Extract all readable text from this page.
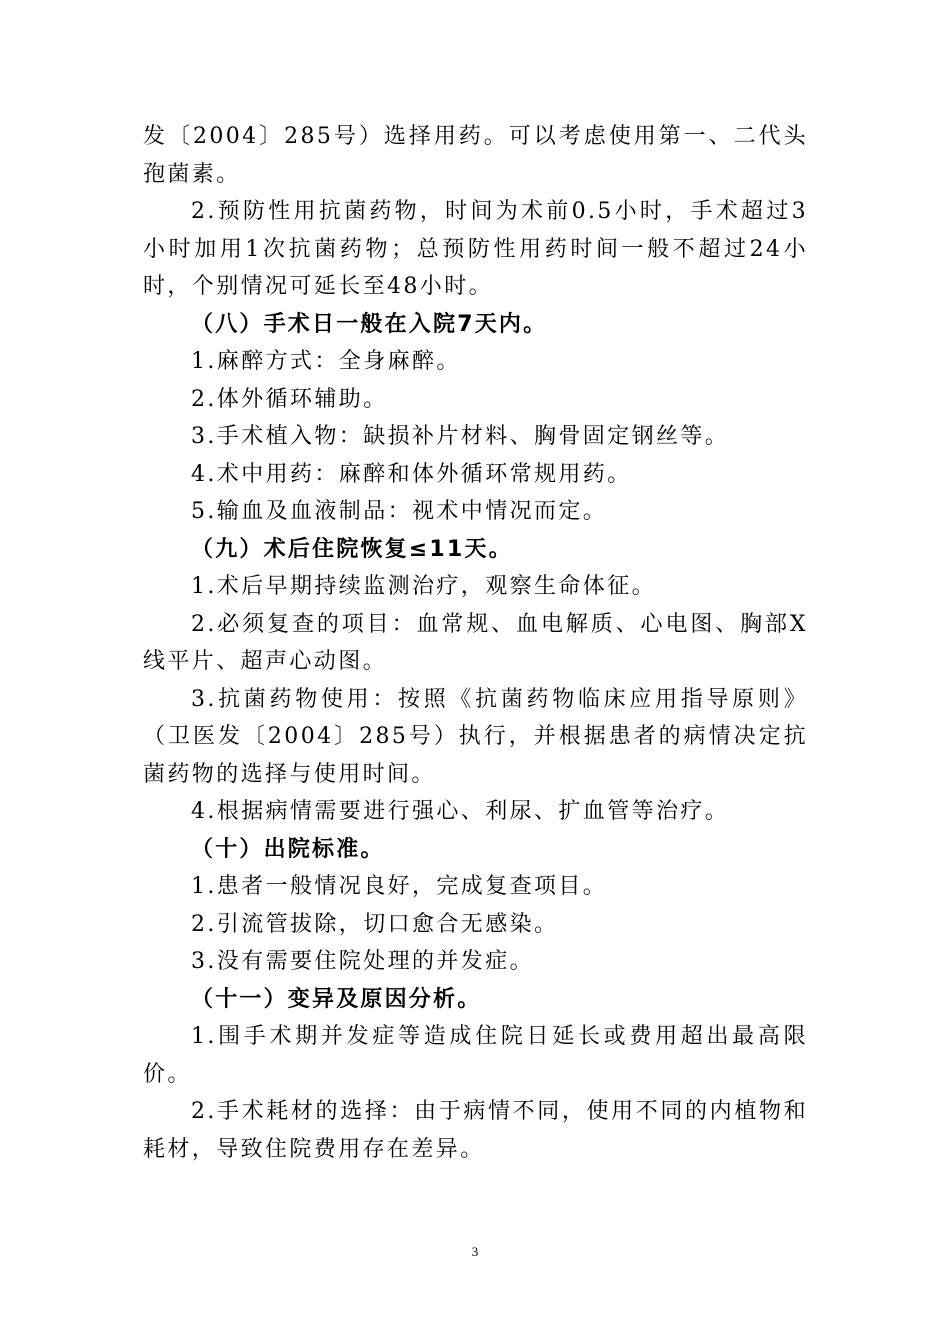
发〔2004〕285号）选择用药。可以考虑使用第一、二代头孢菌素。

2.预防性用抗菌药物，时间为术前0.5小时，手术超过3小时加用1次抗菌药物；总预防性用药时间一般不超过24小时，个别情况可延长至48小时。

（八）手术日一般在入院7天内。

1.麻醉方式：全身麻醉。

2.体外循环辅助。

3.手术植入物：缺损补片材料、胸骨固定钢丝等。

4.术中用药：麻醉和体外循环常规用药。

5.输血及血液制品：视术中情况而定。

（九）术后住院恢复≤11天。

1.术后早期持续监测治疗，观察生命体征。

2.必须复查的项目：血常规、血电解质、心电图、胸部X线平片、超声心动图。

3.抗菌药物使用：按照《抗菌药物临床应用指导原则》（卫医发〔2004〕285号）执行，并根据患者的病情决定抗菌药物的选择与使用时间。

4.根据病情需要进行强心、利尿、扩血管等治疗。

（十）出院标准。

1.患者一般情况良好，完成复查项目。

2.引流管拔除，切口愈合无感染。

3.没有需要住院处理的并发症。

（十一）变异及原因分析。

1.围手术期并发症等造成住院日延长或费用超出最高限价。

2.手术耗材的选择：由于病情不同，使用不同的内植物和耗材，导致住院费用存在差异。

3
